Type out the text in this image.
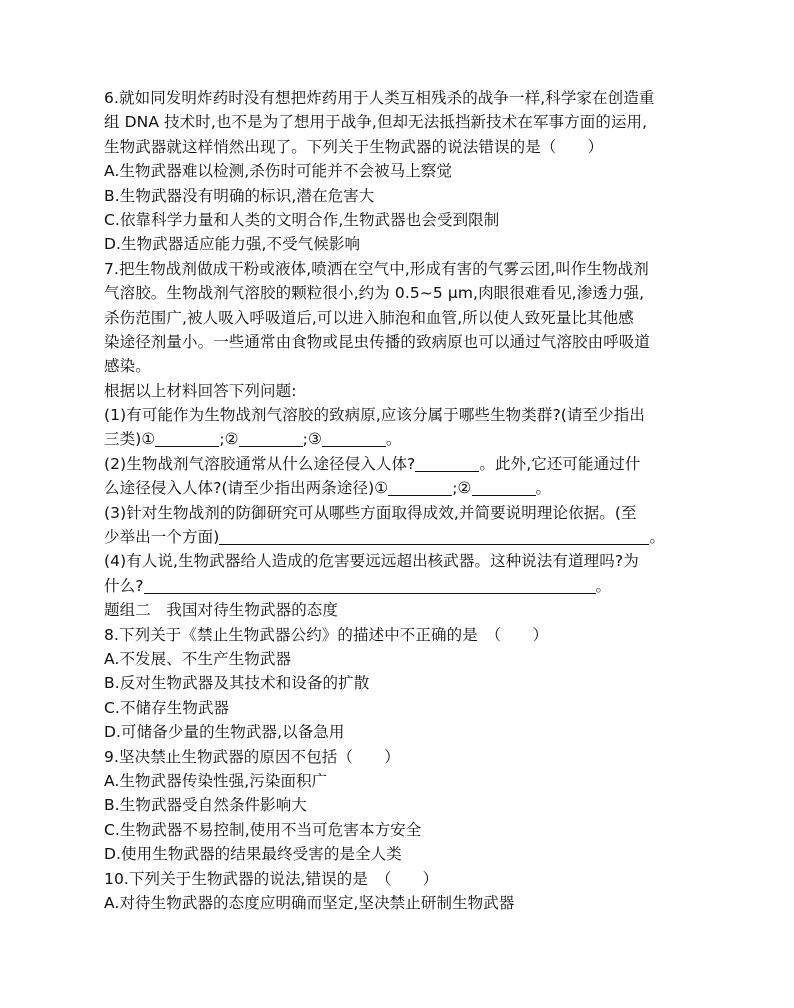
6.就如同发明炸药时没有想把炸药用于人类互相残杀的战争一样,科学家在创造重
组 DNA 技术时,也不是为了想用于战争,但却无法抵挡新技术在军事方面的运用,
生物武器就这样悄然出现了。下列关于生物武器的说法错误的是（　　）
A.生物武器难以检测,杀伤时可能并不会被马上察觉
B.生物武器没有明确的标识,潜在危害大
C.依靠科学力量和人类的文明合作,生物武器也会受到限制
D.生物武器适应能力强,不受气候影响
7.把生物战剂做成干粉或液体,喷洒在空气中,形成有害的气雾云团,叫作生物战剂
气溶胶。生物战剂气溶胶的颗粒很小,约为 0.5~5 μm,肉眼很难看见,渗透力强,
杀伤范围广,被人吸入呼吸道后,可以进入肺泡和血管,所以使人致死量比其他感
染途径剂量小。一些通常由食物或昆虫传播的致病原也可以通过气溶胶由呼吸道
感染。
根据以上材料回答下列问题:
(1)有可能作为生物战剂气溶胶的致病原,应该分属于哪些生物类群?(请至少指出
三类)①	;②	;③	。
(2)生物战剂气溶胶通常从什么途径侵入人体?	。此外,它还可能通过什
么途径侵入人体?(请至少指出两条途径)①	;②	。
(3)针对生物战剂的防御研究可从哪些方面取得成效,并简要说明理论依据。(至
少举出一个方面)	。
(4)有人说,生物武器给人造成的危害要远远超出核武器。这种说法有道理吗?为
什么?	。
题组二　我国对待生物武器的态度
8.下列关于《禁止生物武器公约》的描述中不正确的是　（　　）
A.不发展、不生产生物武器
B.反对生物武器及其技术和设备的扩散
C.不储存生物武器
D.可储备少量的生物武器,以备急用
9.坚决禁止生物武器的原因不包括（　　）
A.生物武器传染性强,污染面积广
B.生物武器受自然条件影响大
C.生物武器不易控制,使用不当可危害本方安全
D.使用生物武器的结果最终受害的是全人类
10.下列关于生物武器的说法,错误的是　（　　）
A.对待生物武器的态度应明确而坚定,坚决禁止研制生物武器
